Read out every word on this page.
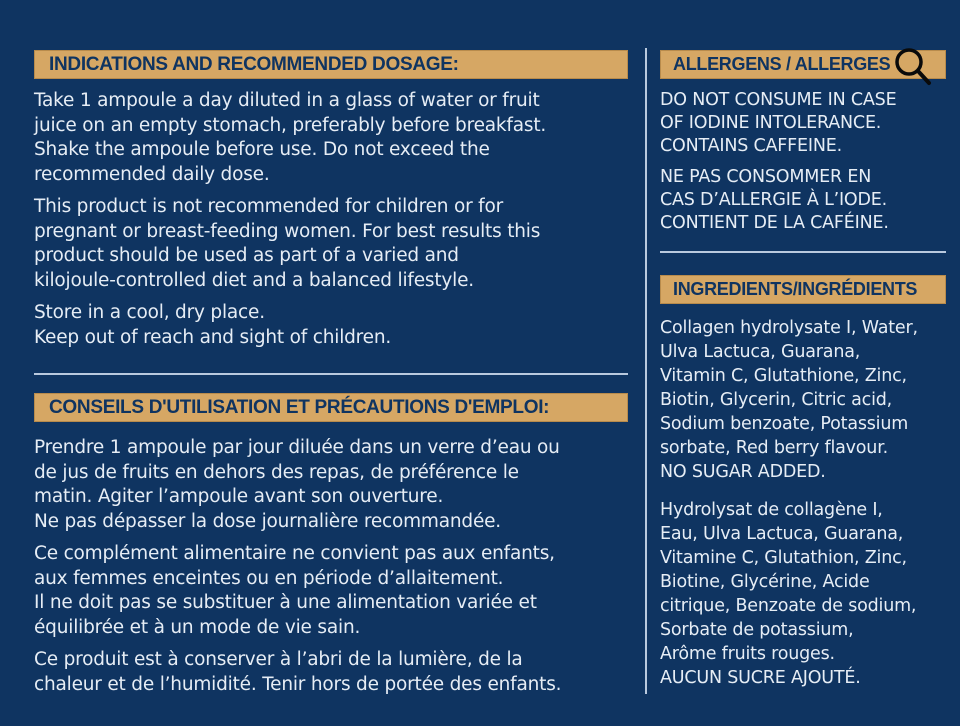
INDICATIONS AND RECOMMENDED DOSAGE:
Take 1 ampoule a day diluted in a glass of water or fruit
juice on an empty stomach, preferably before breakfast.
Shake the ampoule before use. Do not exceed the
recommended daily dose.
This product is not recommended for children or for
pregnant or breast-feeding women. For best results this
product should be used as part of a varied and
kilojoule-controlled diet and a balanced lifestyle.
Store in a cool, dry place.
Keep out of reach and sight of children.
CONSEILS D'UTILISATION ET PRÉCAUTIONS D'EMPLOI:
Prendre 1 ampoule par jour diluée dans un verre d’eau ou
de jus de fruits en dehors des repas, de préférence le
matin. Agiter l’ampoule avant son ouverture.
Ne pas dépasser la dose journalière recommandée.
Ce complément alimentaire ne convient pas aux enfants,
aux femmes enceintes ou en période d’allaitement.
Il ne doit pas se substituer à une alimentation variée et
équilibrée et à un mode de vie sain.
Ce produit est à conserver à l’abri de la lumière, de la
chaleur et de l’humidité. Tenir hors de portée des enfants.
ALLERGENS / ALLERGES
DO NOT CONSUME IN CASE
OF IODINE INTOLERANCE.
CONTAINS CAFFEINE.
NE PAS CONSOMMER EN
CAS D’ALLERGIE À L’IODE.
CONTIENT DE LA CAFÉINE.
INGREDIENTS/INGRÉDIENTS
Collagen hydrolysate I, Water,
Ulva Lactuca, Guarana,
Vitamin C, Glutathione, Zinc,
Biotin, Glycerin, Citric acid,
Sodium benzoate, Potassium
sorbate, Red berry flavour.
NO SUGAR ADDED.
Hydrolysat de collagène I,
Eau, Ulva Lactuca, Guarana,
Vitamine C, Glutathion, Zinc,
Biotine, Glycérine, Acide
citrique, Benzoate de sodium,
Sorbate de potassium,
Arôme fruits rouges.
AUCUN SUCRE AJOUTÉ.
